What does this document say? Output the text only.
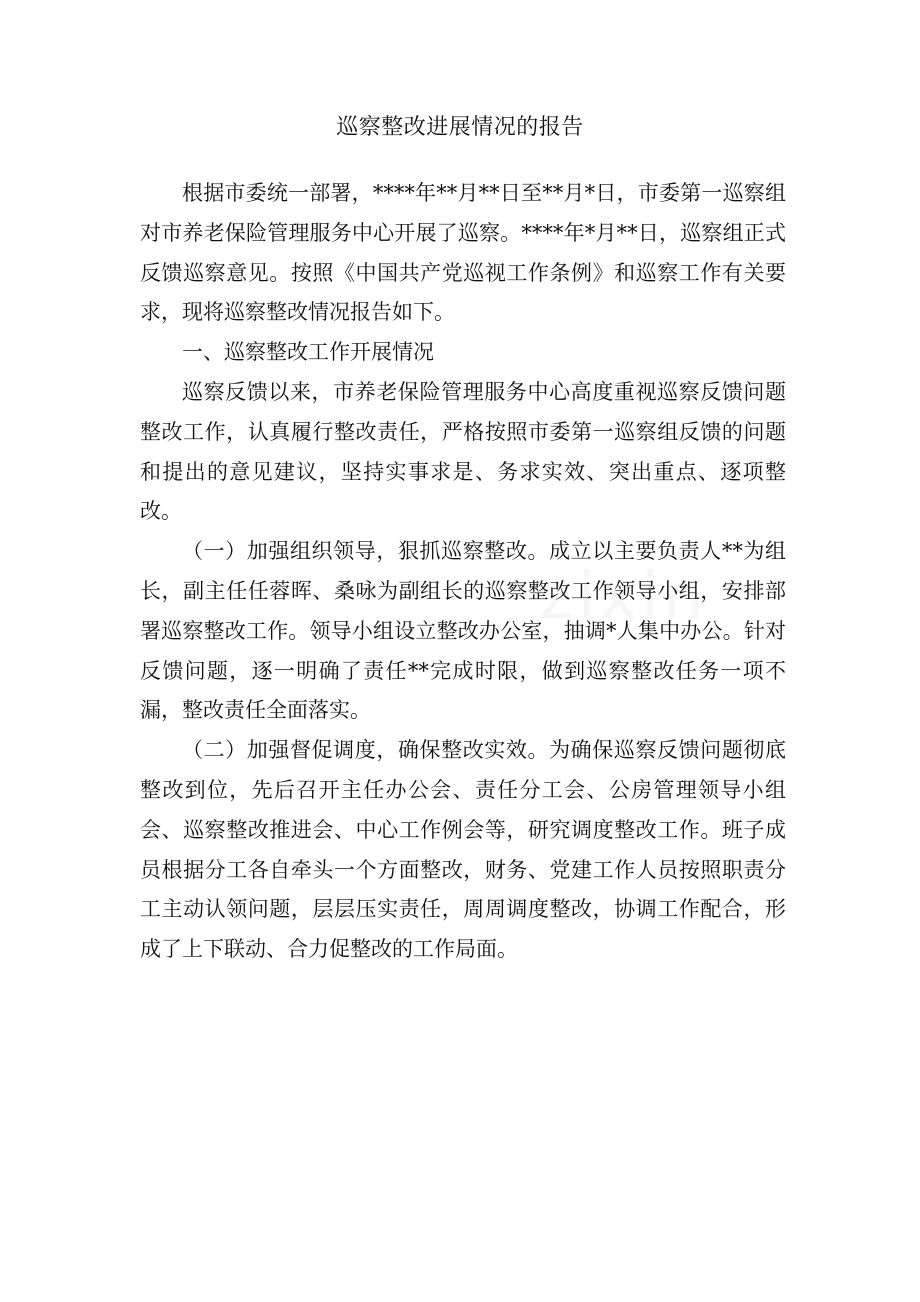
巡察整改进展情况的报告

根据市委统一部署，****年**月**日至**月*日，市委第一巡察组对市养老保险管理服务中心开展了巡察。****年*月**日，巡察组正式反馈巡察意见。按照《中国共产党巡视工作条例》和巡察工作有关要求，现将巡察整改情况报告如下。

一、巡察整改工作开展情况

巡察反馈以来，市养老保险管理服务中心高度重视巡察反馈问题整改工作，认真履行整改责任，严格按照市委第一巡察组反馈的问题和提出的意见建议，坚持实事求是、务求实效、突出重点、逐项整改。

（一）加强组织领导，狠抓巡察整改。成立以主要负责人**为组长，副主任任蓉晖、桑咏为副组长的巡察整改工作领导小组，安排部署巡察整改工作。领导小组设立整改办公室，抽调*人集中办公。针对反馈问题，逐一明确了责任**完成时限，做到巡察整改任务一项不漏，整改责任全面落实。

（二）加强督促调度，确保整改实效。为确保巡察反馈问题彻底整改到位，先后召开主任办公会、责任分工会、公房管理领导小组会、巡察整改推进会、中心工作例会等，研究调度整改工作。班子成员根据分工各自牵头一个方面整改，财务、党建工作人员按照职责分工主动认领问题，层层压实责任，周周调度整改，协调工作配合，形成了上下联动、合力促整改的工作局面。
